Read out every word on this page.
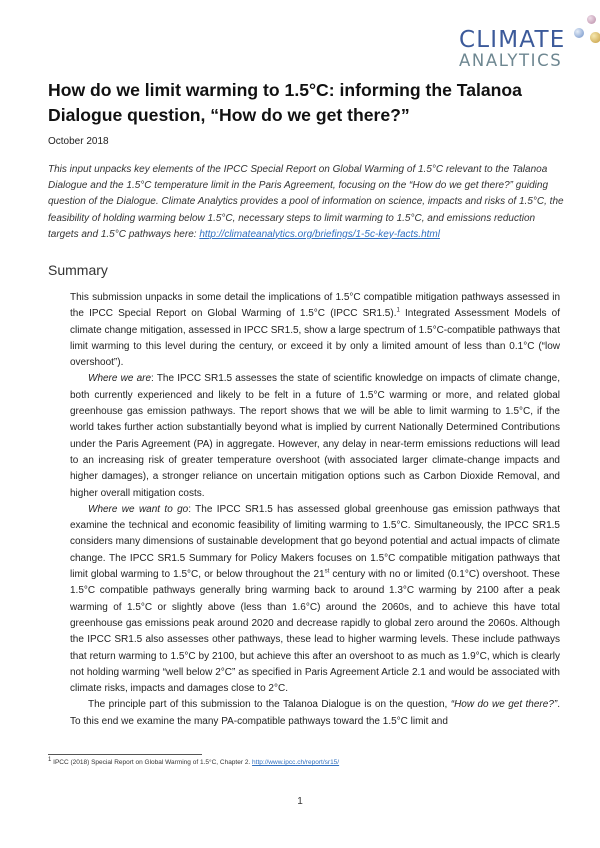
CLIMATE
ANALYTICS
How do we limit warming to 1.5°C: informing the Talanoa Dialogue question, “How do we get there?”
October 2018

This input unpacks key elements of the IPCC Special Report on Global Warming of 1.5°C relevant to the Talanoa Dialogue and the 1.5°C temperature limit in the Paris Agreement, focusing on the “How do we get there?” guiding question of the Dialogue. Climate Analytics provides a pool of information on science, impacts and risks of 1.5°C, the feasibility of holding warming below 1.5°C, necessary steps to limit warming to 1.5°C, and emissions reduction targets and 1.5°C pathways here: http://climateanalytics.org/briefings/1-5c-key-facts.html

Summary

This submission unpacks in some detail the implications of 1.5°C compatible mitigation pathways assessed in the IPCC Special Report on Global Warming of 1.5°C (IPCC SR1.5).$^1$ Integrated Assessment Models of climate change mitigation, assessed in IPCC SR1.5, show a large spectrum of 1.5°C-compatible pathways that limit warming to this level during the century, or exceed it by only a limited amount of less than 0.1°C (“low overshoot”).

Where we are: The IPCC SR1.5 assesses the state of scientific knowledge on impacts of climate change, both currently experienced and likely to be felt in a future of 1.5°C warming or more, and related global greenhouse gas emission pathways. The report shows that we will be able to limit warming to 1.5°C, if the world takes further action substantially beyond what is implied by current Nationally Determined Contributions under the Paris Agreement (PA) in aggregate. However, any delay in near-term emissions reductions will lead to an increasing risk of greater temperature overshoot (with associated larger climate-change impacts and higher damages), a stronger reliance on uncertain mitigation options such as Carbon Dioxide Removal, and higher overall mitigation costs.

Where we want to go: The IPCC SR1.5 has assessed global greenhouse gas emission pathways that examine the technical and economic feasibility of limiting warming to 1.5°C. Simultaneously, the IPCC SR1.5 considers many dimensions of sustainable development that go beyond potential and actual impacts of climate change. The IPCC SR1.5 Summary for Policy Makers focuses on 1.5°C compatible mitigation pathways that limit global warming to 1.5°C, or below throughout the 21st century with no or limited (0.1°C) overshoot. These 1.5°C compatible pathways generally bring warming back to around 1.3°C warming by 2100 after a peak warming of 1.5°C or slightly above (less than 1.6°C) around the 2060s, and to achieve this have total greenhouse gas emissions peak around 2020 and decrease rapidly to global zero around the 2060s. Although the IPCC SR1.5 also assesses other pathways, these lead to higher warming levels. These include pathways that return warming to 1.5°C by 2100, but achieve this after an overshoot to as much as 1.9°C, which is clearly not holding warming “well below 2°C” as specified in Paris Agreement Article 2.1 and would be associated with climate risks, impacts and damages close to 2°C.

The principle part of this submission to the Talanoa Dialogue is on the question, “How do we get there?”. To this end we examine the many PA-compatible pathways toward the 1.5°C limit and

$^1$ IPCC (2018) Special Report on Global Warming of 1.5°C, Chapter 2. http://www.ipcc.ch/report/sr15/
1
